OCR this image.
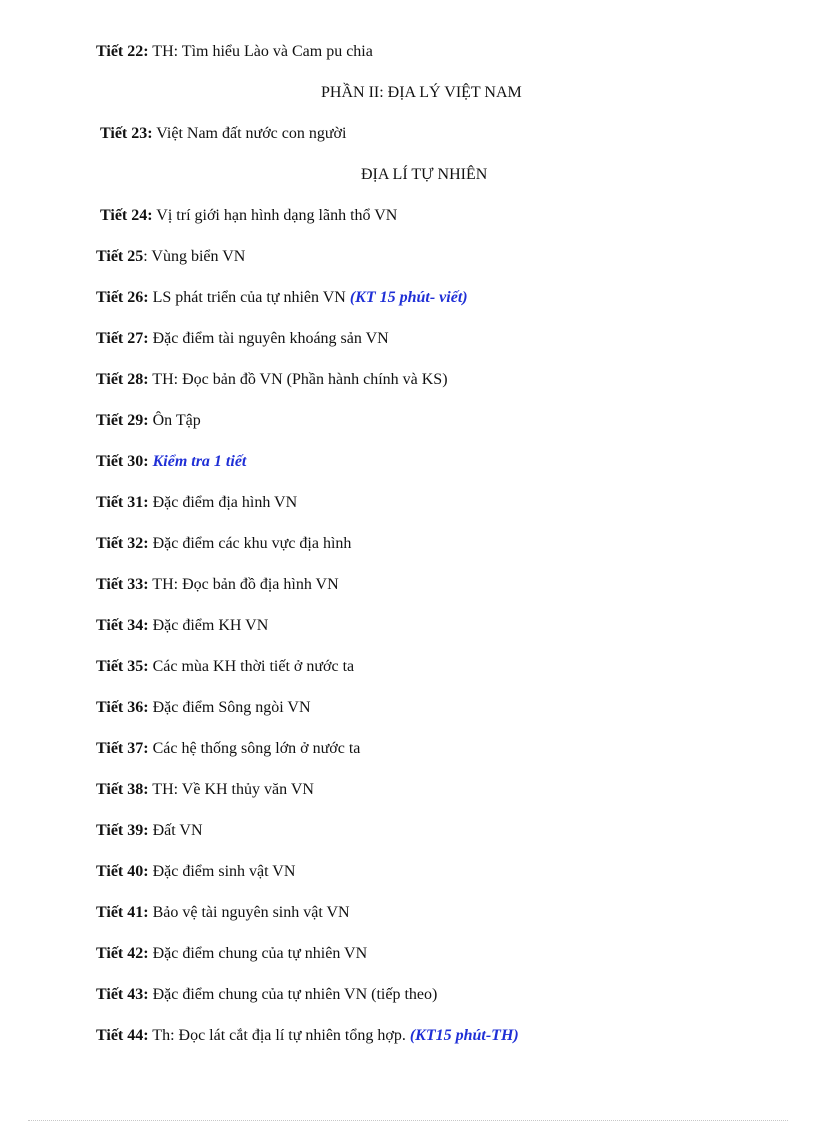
Tiết 22: TH: Tìm hiểu Lào và Cam pu chia
PHẦN II: ĐỊA LÝ VIỆT NAM
Tiết 23: Việt Nam đất nước con người
ĐỊA LÍ TỰ NHIÊN
Tiết 24: Vị trí giới hạn hình dạng lãnh thổ VN
Tiết 25: Vùng biển VN
Tiết 26: LS phát triển của tự nhiên VN (KT 15 phút- viết)
Tiết 27: Đặc điểm tài nguyên khoáng sản VN
Tiết 28: TH: Đọc bản đồ VN (Phần hành chính và KS)
Tiết 29: Ôn Tập
Tiết 30: Kiểm tra 1 tiết
Tiết 31: Đặc điểm địa hình VN
Tiết 32: Đặc điểm các khu vực địa hình
Tiết 33: TH: Đọc bản đồ địa hình VN
Tiết 34: Đặc điểm KH VN
Tiết 35: Các mùa KH thời tiết ở nước ta
Tiết 36: Đặc điểm Sông ngòi VN
Tiết 37: Các hệ thống sông lớn ở nước ta
Tiết 38: TH: Về KH thủy văn VN
Tiết 39: Đất VN
Tiết 40: Đặc điểm sinh vật VN
Tiết 41: Bảo vệ tài nguyên sinh vật VN
Tiết 42: Đặc điểm chung của tự nhiên VN
Tiết 43: Đặc điểm chung của tự nhiên VN (tiếp theo)
Tiết 44: Th: Đọc lát cắt địa lí tự nhiên tổng hợp. (KT15 phút-TH)
